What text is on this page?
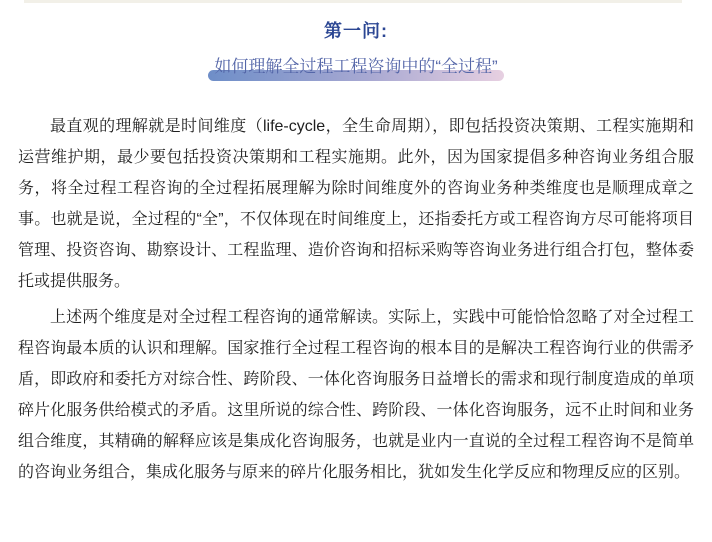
第一问:
如何理解全过程工程咨询中的“全过程”

最直观的理解就是时间维度（life-cycle，全生命周期），即包括投资决策期、工程实施期和运营维护期，最少要包括投资决策期和工程实施期。此外，因为国家提倡多种咨询业务组合服务，将全过程工程咨询的全过程拓展理解为除时间维度外的咨询业务种类维度也是顺理成章之事。也就是说，全过程的“全”，不仅体现在时间维度上，还指委托方或工程咨询方尽可能将项目管理、投资咨询、勘察设计、工程监理、造价咨询和招标采购等咨询业务进行组合打包，整体委托或提供服务。

上述两个维度是对全过程工程咨询的通常解读。实际上，实践中可能恰恰忽略了对全过程工程咨询最本质的认识和理解。国家推行全过程工程咨询的根本目的是解决工程咨询行业的供需矛盾，即政府和委托方对综合性、跨阶段、一体化咨询服务日益增长的需求和现行制度造成的单项碎片化服务供给模式的矛盾。这里所说的综合性、跨阶段、一体化咨询服务，远不止时间和业务组合维度，其精确的解释应该是集成化咨询服务，也就是业内一直说的全过程工程咨询不是简单的咨询业务组合，集成化服务与原来的碎片化服务相比，犹如发生化学反应和物理反应的区别。
